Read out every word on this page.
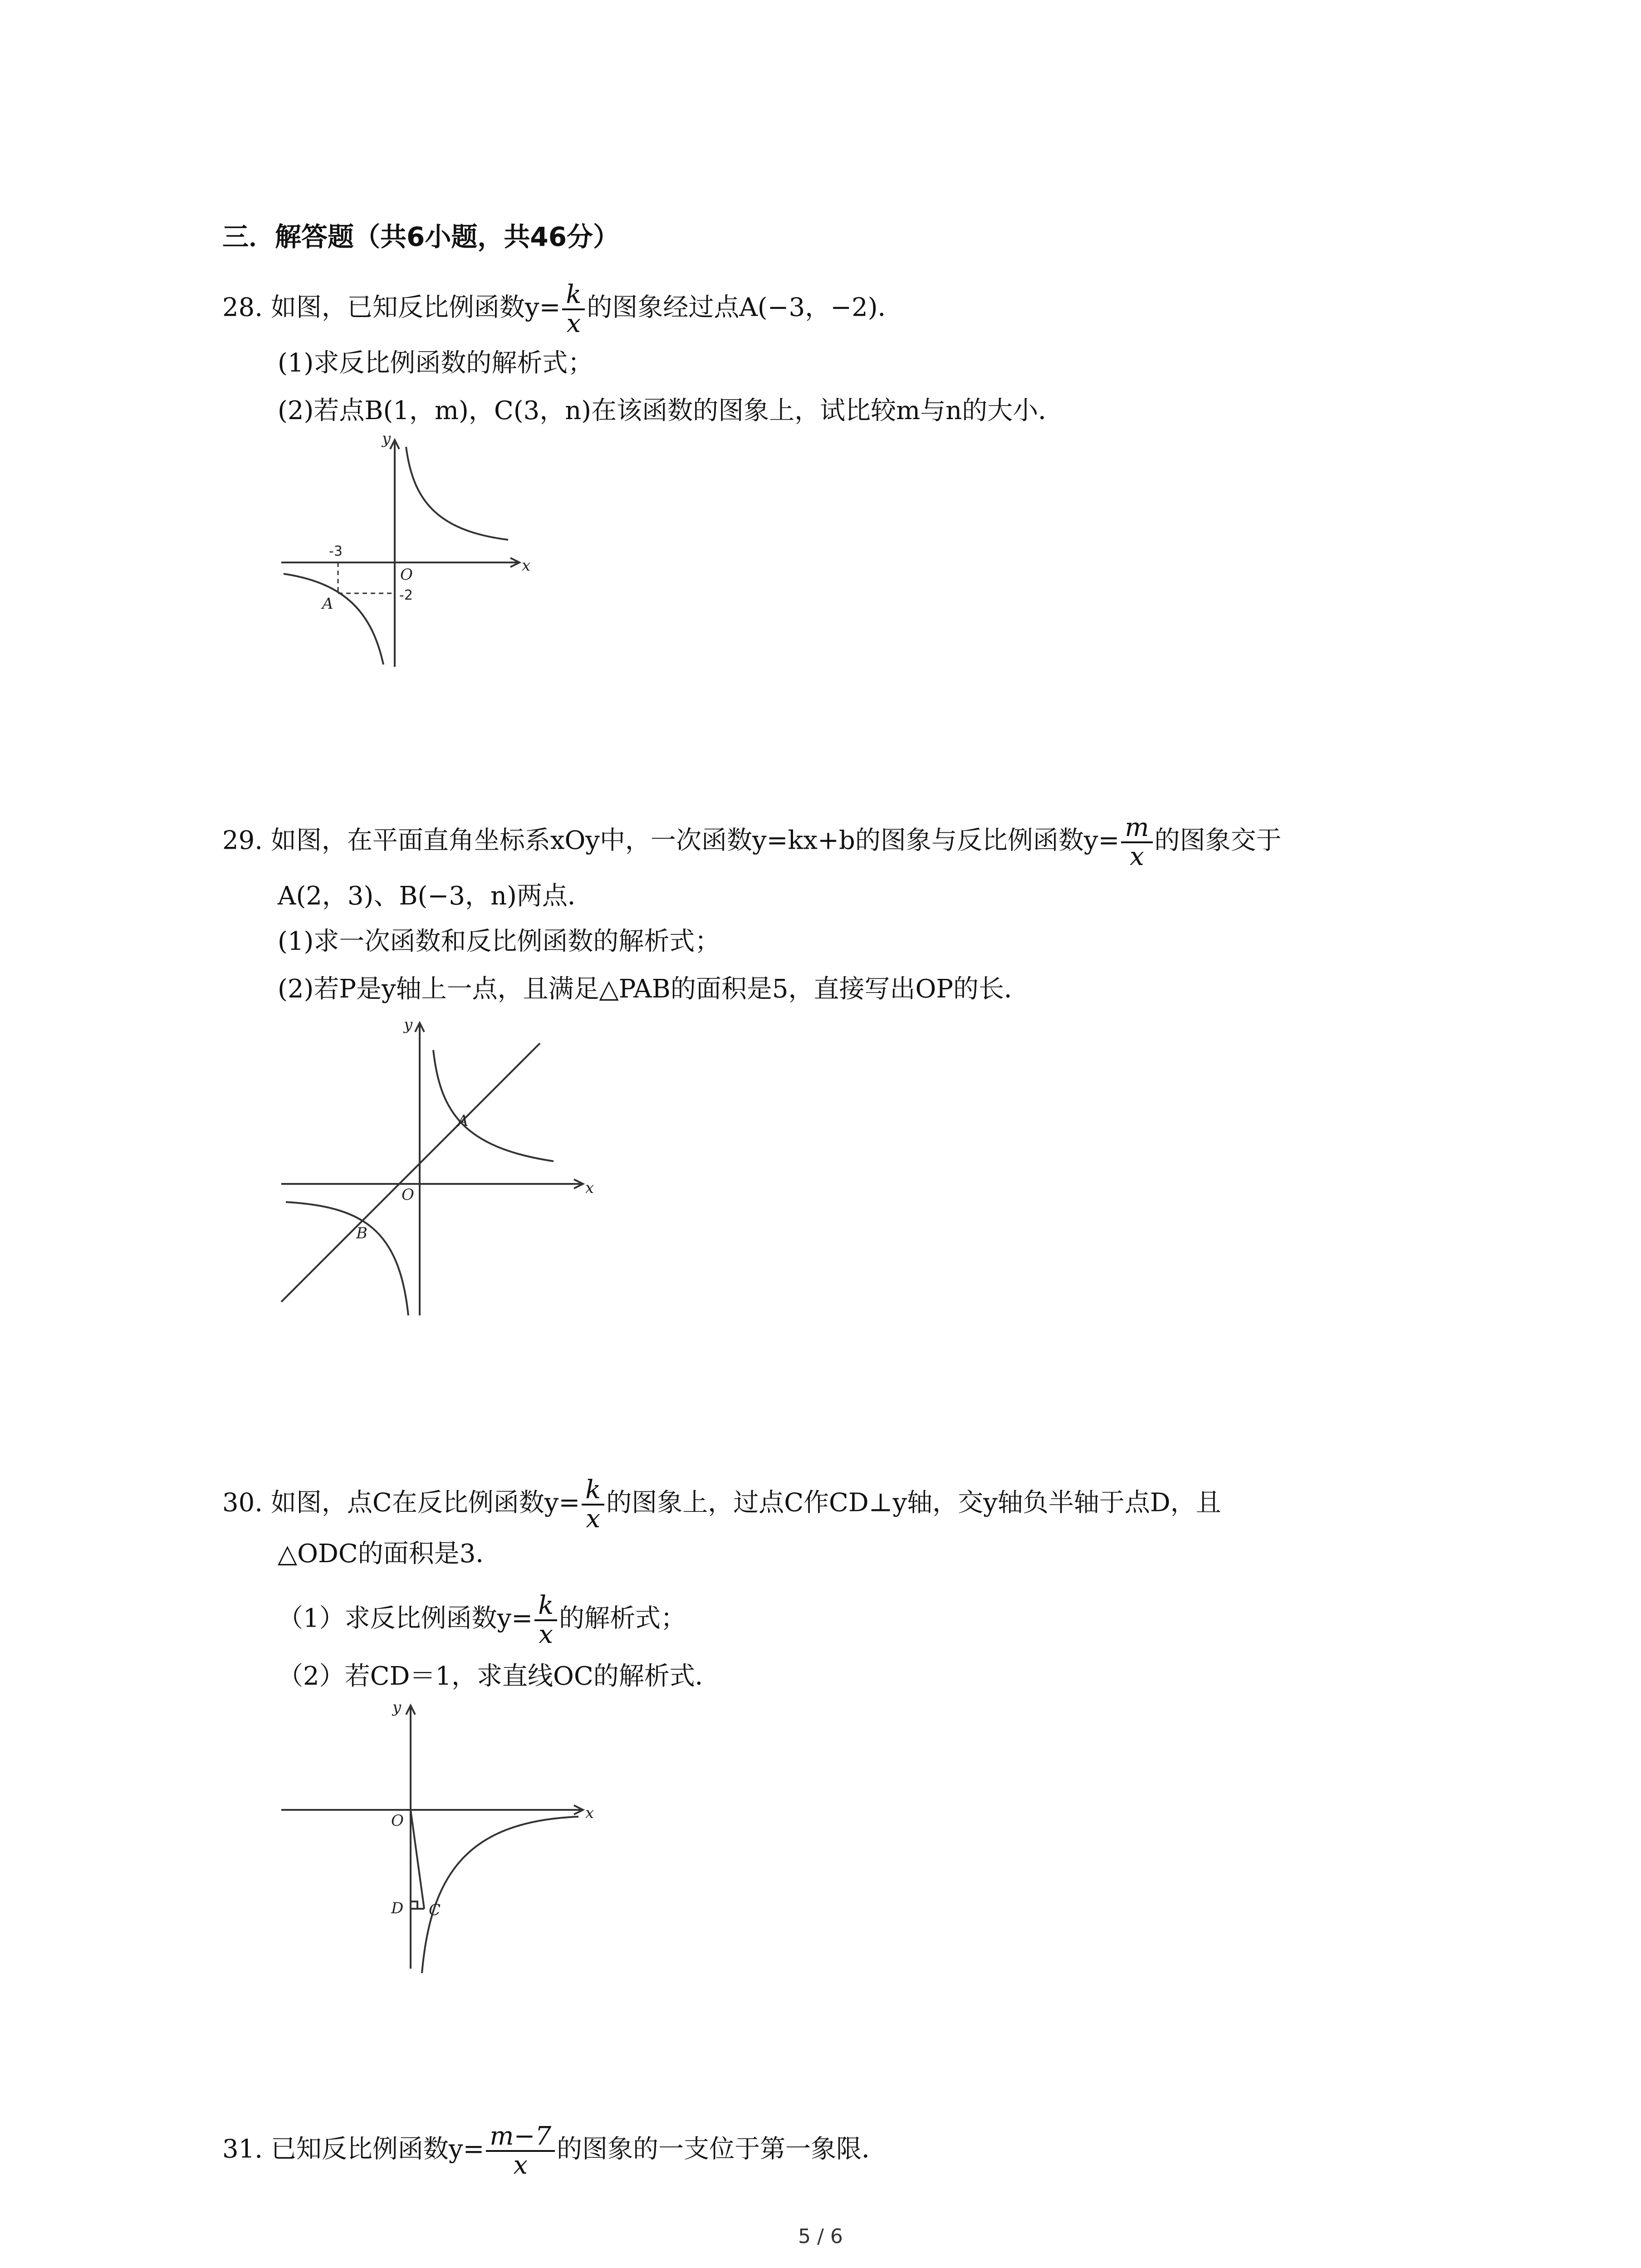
三．解答题（共6小题，共46分）
28. 如图，已知反比例函数$y= \frac{k}{x}$ 的图象经过点A(−3，−2)．
(1)求反比例函数的解析式；
(2)若点B(1，m)，C(3，n)在该函数的图象上，试比较m与n的大小．
y
x
O
A
-3
-2
29. 如图，在平面直角坐标系xOy中，一次函数y=kx+b的图象与反比例函数$y= \frac{m}{x}$ 的图象交于
A(2，3)、B(−3，n)两点．
(1)求一次函数和反比例函数的解析式；
(2)若P是y轴上一点，且满足△PAB的面积是5，直接写出OP的长．
y
x
O
A
B
30. 如图，点C在反比例函数$y= \frac{k}{x}$ 的图象上，过点C作CD⊥y轴，交y轴负半轴于点D，且
△ODC的面积是3．
（1）求反比例函数$y= \frac{k}{x}$ 的解析式；
（2）若CD＝1，求直线OC的解析式．
y
x
O
D C
31. 已知反比例函数$y= \frac{m-7}{x}$ 的图象的一支位于第一象限．
5 / 6
